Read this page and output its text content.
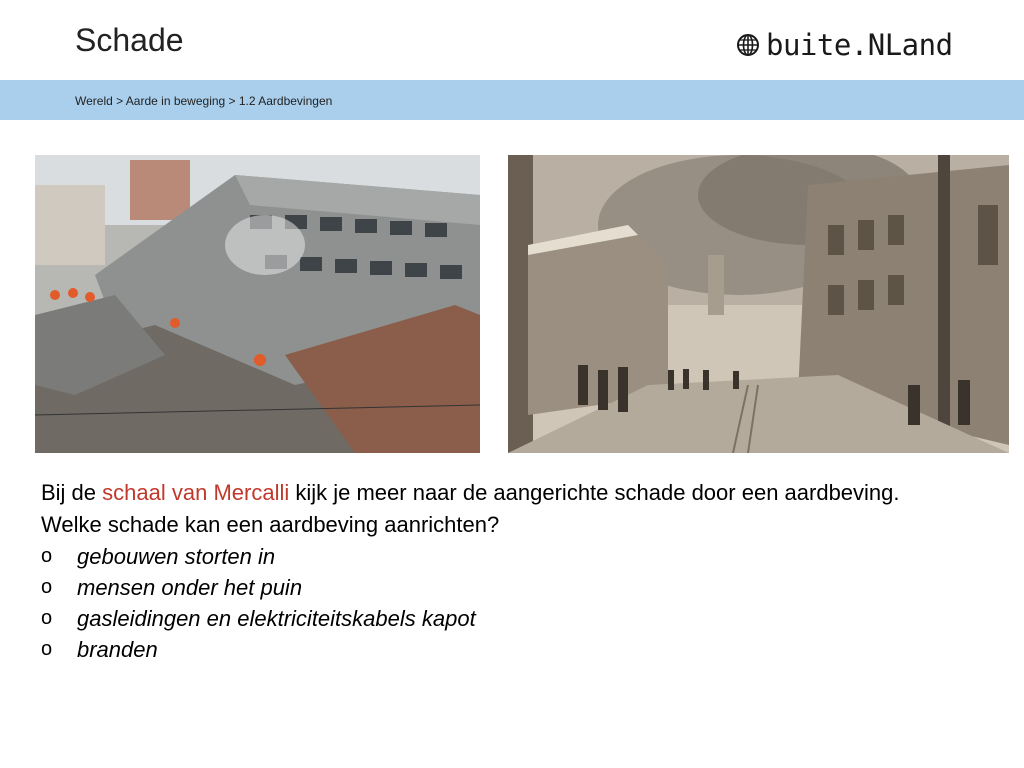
Schade	buite.NLand
Wereld > Aarde in beweging > 1.2 Aardbevingen
Bij de schaal van Mercalli kijk je meer naar de aangerichte schade door een aardbeving. Welke schade kan een aardbeving aanrichten?
o	gebouwen storten in
o	mensen onder het puin
o	gasleidingen en elektriciteitskabels kapot
o	branden
